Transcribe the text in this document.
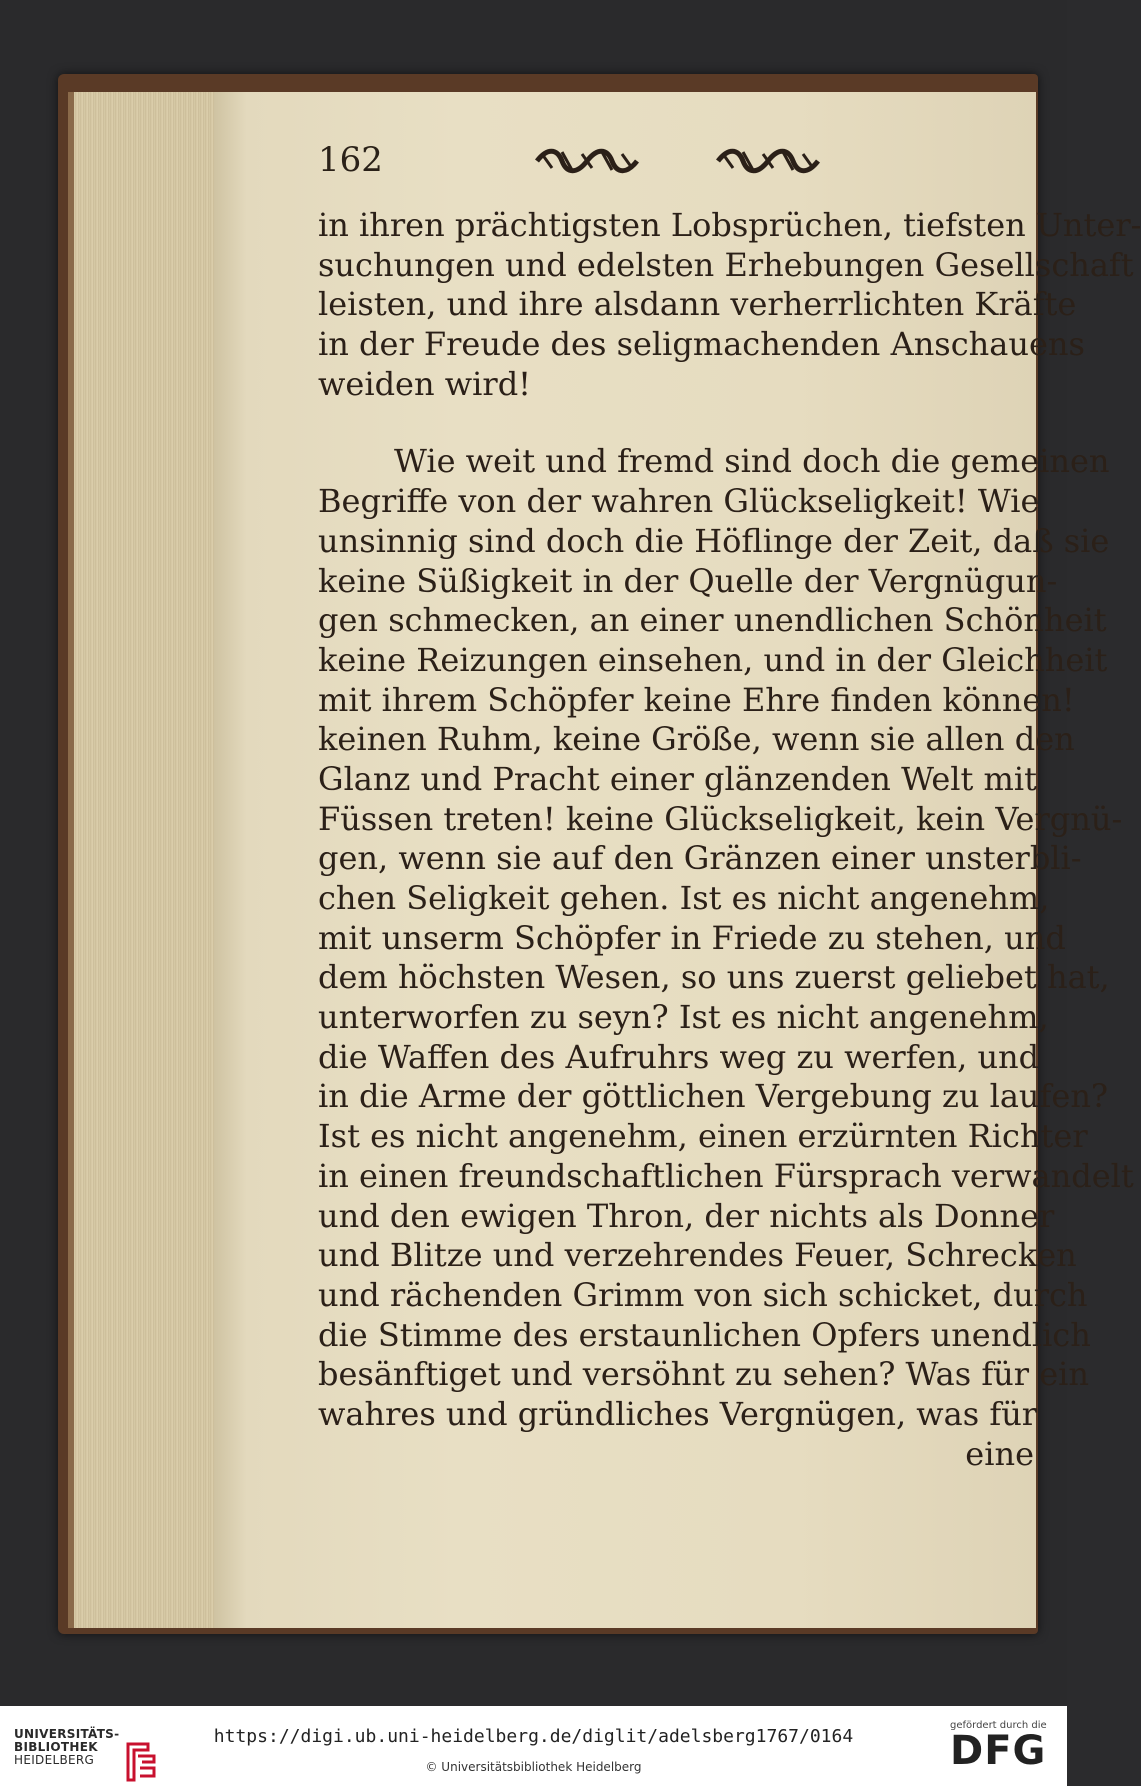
162
in ihren prächtigsten Lobsprüchen, tiefsten Unter-
suchungen und edelsten Erhebungen Gesellschaft
leisten, und ihre alsdann verherrlichten Kräfte
in der Freude des seligmachenden Anschauens
weiden wird!
Wie weit und fremd sind doch die gemeinen
Begriffe von der wahren Glückseligkeit! Wie
unsinnig sind doch die Höflinge der Zeit, daß sie
keine Süßigkeit in der Quelle der Vergnügun-
gen schmecken, an einer unendlichen Schönheit
keine Reizungen einsehen, und in der Gleichheit
mit ihrem Schöpfer keine Ehre finden können!
keinen Ruhm, keine Größe, wenn sie allen den
Glanz und Pracht einer glänzenden Welt mit
Füssen treten! keine Glückseligkeit, kein Vergnü-
gen, wenn sie auf den Gränzen einer unsterbli-
chen Seligkeit gehen. Ist es nicht angenehm,
mit unserm Schöpfer in Friede zu stehen, und
dem höchsten Wesen, so uns zuerst geliebet hat,
unterworfen zu seyn? Ist es nicht angenehm,
die Waffen des Aufruhrs weg zu werfen, und
in die Arme der göttlichen Vergebung zu laufen?
Ist es nicht angenehm, einen erzürnten Richter
in einen freundschaftlichen Fürsprach verwandelt
und den ewigen Thron, der nichts als Donner
und Blitze und verzehrendes Feuer, Schrecken
und rächenden Grimm von sich schicket, durch
die Stimme des erstaunlichen Opfers unendlich
besänftiget und versöhnt zu sehen? Was für ein
wahres und gründliches Vergnügen, was für
eine
UNIVERSITÄTS-
BIBLIOTHEK
HEIDELBERG
https://digi.ub.uni-heidelberg.de/diglit/adelsberg1767/0164
© Universitätsbibliothek Heidelberg
gefördert durch die
DFG
